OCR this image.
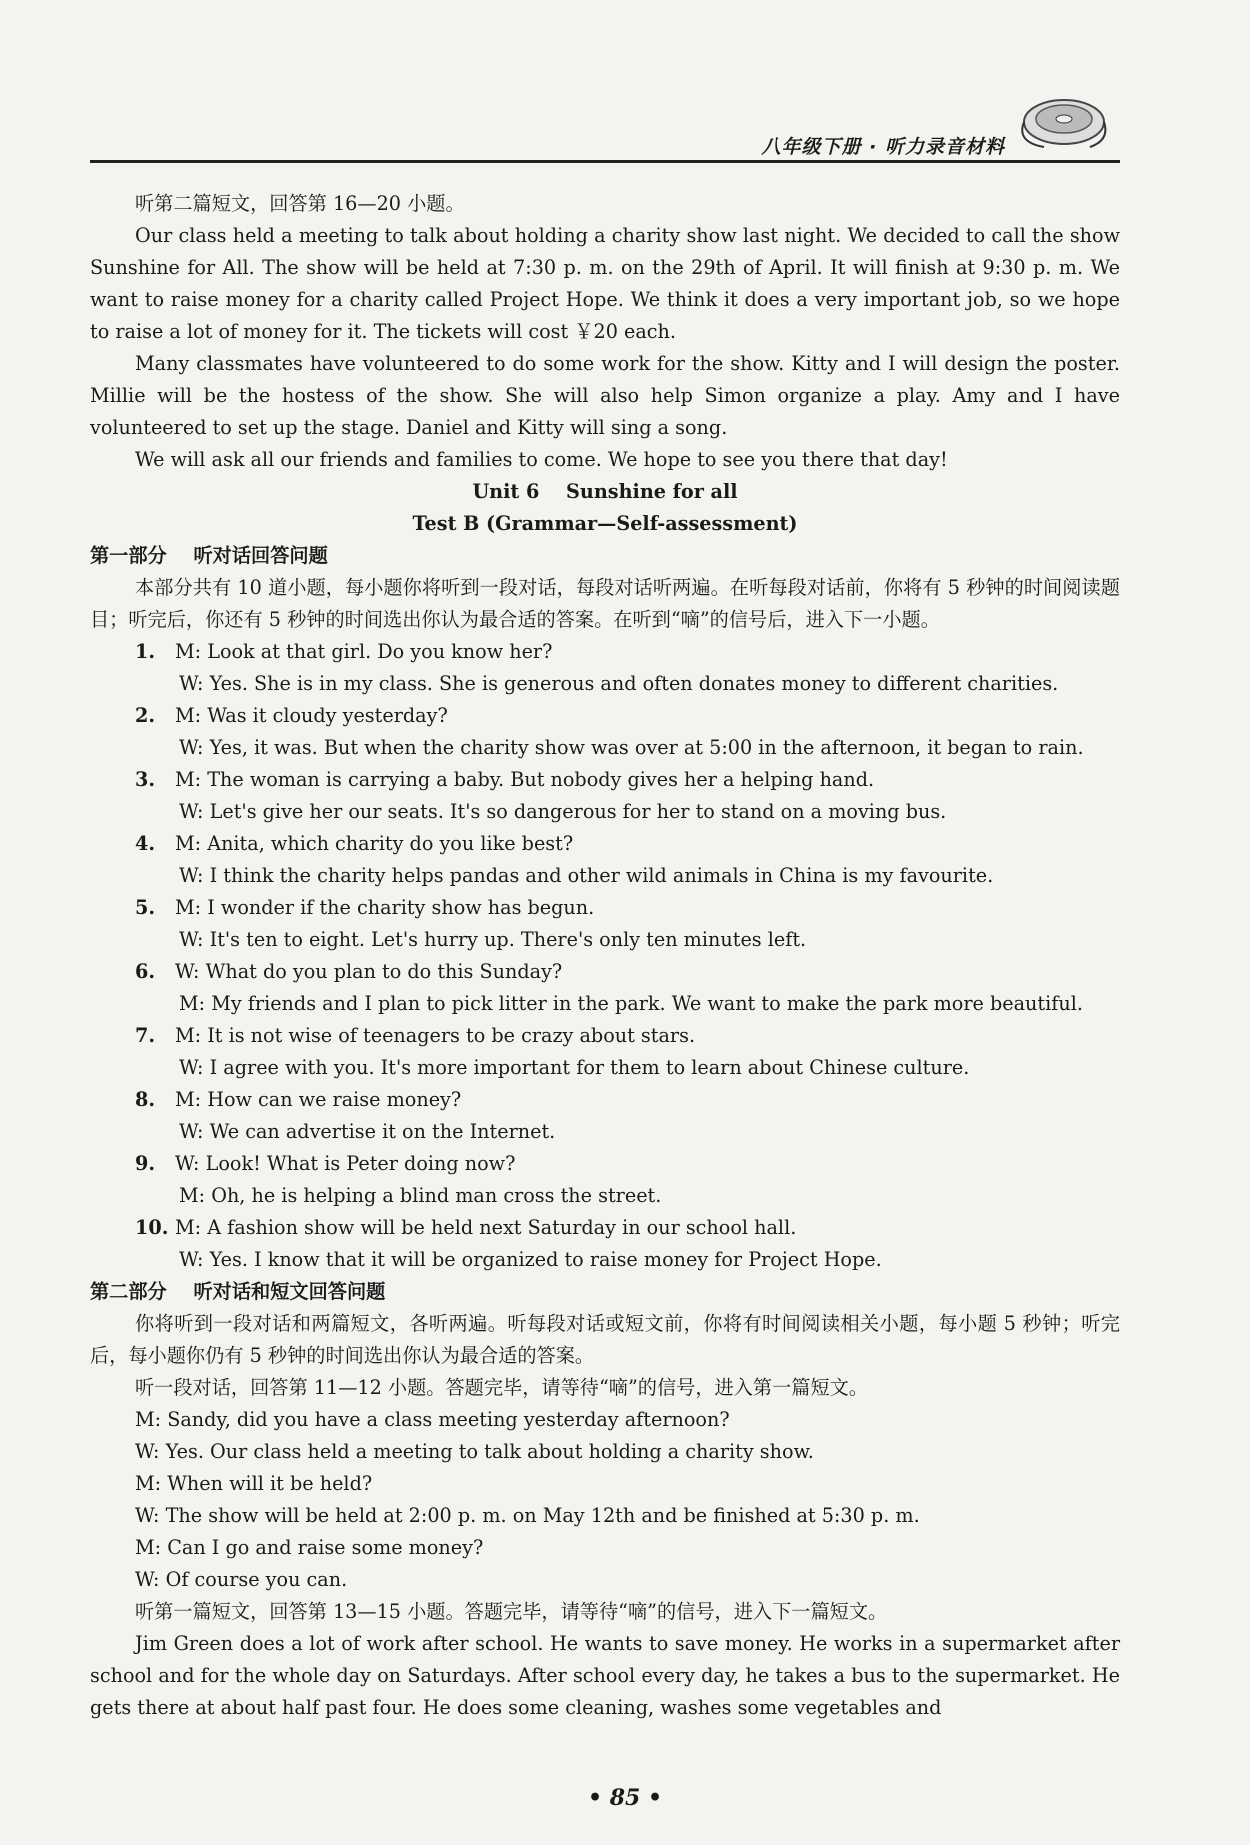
八年级下册 · 听力录音材料

听第二篇短文，回答第 16—20 小题。

Our class held a meeting to talk about holding a charity show last night. We decided to call the show Sunshine for All. The show will be held at 7:30 p. m. on the 29th of April. It will finish at 9:30 p. m. We want to raise money for a charity called Project Hope. We think it does a very important job, so we hope to raise a lot of money for it. The tickets will cost ￥20 each.

Many classmates have volunteered to do some work for the show. Kitty and I will design the poster. Millie will be the hostess of the show. She will also help Simon organize a play. Amy and I have volunteered to set up the stage. Daniel and Kitty will sing a song.

We will ask all our friends and families to come. We hope to see you there that day!

Unit 6    Sunshine for all

Test B (Grammar—Self-assessment)

第一部分    听对话回答问题

本部分共有 10 道小题，每小题你将听到一段对话，每段对话听两遍。在听每段对话前，你将有 5 秒钟的时间阅读题目；听完后，你还有 5 秒钟的时间选出你认为最合适的答案。在听到“嘀”的信号后，进入下一小题。

1.	M: Look at that girl. Do you know her?
W: Yes. She is in my class. She is generous and often donates money to different charities.
2.	M: Was it cloudy yesterday?
W: Yes, it was. But when the charity show was over at 5:00 in the afternoon, it began to rain.
3.	M: The woman is carrying a baby. But nobody gives her a helping hand.
W: Let's give her our seats. It's so dangerous for her to stand on a moving bus.
4.	M: Anita, which charity do you like best?
W: I think the charity helps pandas and other wild animals in China is my favourite.
5.	M: I wonder if the charity show has begun.
W: It's ten to eight. Let's hurry up. There's only ten minutes left.
6.	W: What do you plan to do this Sunday?
M: My friends and I plan to pick litter in the park. We want to make the park more beautiful.
7.	M: It is not wise of teenagers to be crazy about stars.
W: I agree with you. It's more important for them to learn about Chinese culture.
8.	M: How can we raise money?
W: We can advertise it on the Internet.
9.	W: Look! What is Peter doing now?
M: Oh, he is helping a blind man cross the street.
10. M: A fashion show will be held next Saturday in our school hall.
W: Yes. I know that it will be organized to raise money for Project Hope.

第二部分    听对话和短文回答问题

你将听到一段对话和两篇短文，各听两遍。听每段对话或短文前，你将有时间阅读相关小题，每小题 5 秒钟；听完后，每小题你仍有 5 秒钟的时间选出你认为最合适的答案。

听一段对话，回答第 11—12 小题。答题完毕，请等待“嘀”的信号，进入第一篇短文。

M: Sandy, did you have a class meeting yesterday afternoon?

W: Yes. Our class held a meeting to talk about holding a charity show.

M: When will it be held?

W: The show will be held at 2:00 p. m. on May 12th and be finished at 5:30 p. m.

M: Can I go and raise some money?

W: Of course you can.

听第一篇短文，回答第 13—15 小题。答题完毕，请等待“嘀”的信号，进入下一篇短文。

Jim Green does a lot of work after school. He wants to save money. He works in a supermarket after school and for the whole day on Saturdays. After school every day, he takes a bus to the supermarket. He gets there at about half past four. He does some cleaning, washes some vegetables and

• 85 •
